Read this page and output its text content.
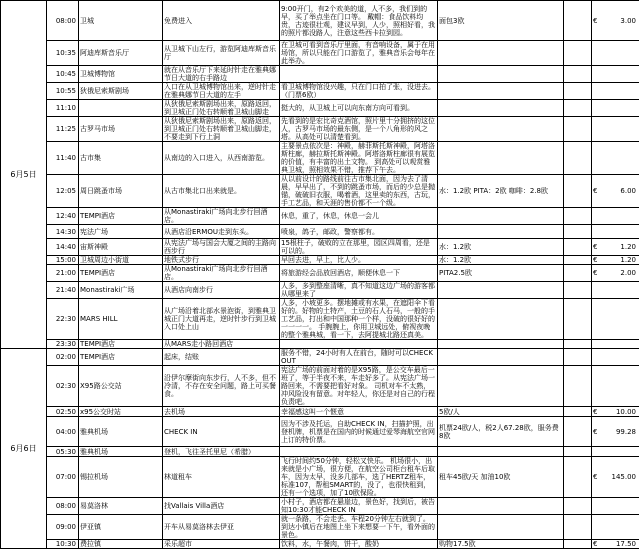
6月5日	08:00	卫城	免费进入	9:00开门，有2个欢美的道，人不多，我们到的早，买了举点坐在门口等。 戴帽：食品饮料均贵，古迹很壮观，建议早到，人少，照相好看，我的照片都没路人，注意这些西卡拉到园。	面包3欧		€ 3.00

	10:35	阿迪库斯音乐厅	从卫城下山左行，游览阿迪库斯音乐厅	在卫城可看到音乐厅里面，有音响设备，属于在用场馆，所以只能在门口游览了，雅典音乐会每年在此举办。			
	10:45	卫城博物馆	就在从音乐厅下来延时针走在雅典娜节日大道的右手路边				
	10:55	狄俄尼索斯剧场	入口在从卫城博物馆出来，逆时针走在雅典娜节日大道的左手	看卫城博物馆没兴趣，只在门口拍了张，没进去。（门票6欧）			
	11:10		从狄俄尼索斯剧场出来，原路返回，到卫城正门处右转顺着卫城山脚走	挺大的，从卫城上可以向东南方向可看到。			
	11:25	古罗马市场	从狄俄尼索斯剧场出来，原路返回，到卫城正门处右转顺着卫城山脚走，不要走到下行上洞	先看到的是宏比奇克酒馆，照片里十分拥挤的这位人，古罗马市场的最东侧，是一个八角形的风之塔。从高处可以清楚看到。			
	11:40	古市集	从南边的入口进入，从西南游览。	主要景点依次是：神殿，赫菲斯托斯神殿，阿塔洛斯柱廊，赫拉斯托斯神殿。阿塔洛斯柱廊很有展览的价值，有丰富的出土文物。 到高处可以观赏雅典卫城，照相效果不错，推荐下午去。			
	12:05	周日跳蚤市场	从古市集北口出来就是。	从以前设计的路线前往古市集北面，因为去了清晨，早早出了，不到的跳蚤市场，而后的少总是抛锚，破破旧衣服，喝着酒，这里卖的东西，古玩，手工艺品，和天涯的售价都不一个级。	水：1.2欧 PITA：2欧 咖啡：2.8欧		€ 6.00

	12:40	TEMPI酒店	从Monastiraki广场向北步行回酒店。	休息，重了，休息，休息一会儿			
	14:30	宪法广场	从酒店沿ERMOU走到东头。	喷泉，鸽子，邮政，警察都有。			
	14:40	宙斯神殿	从宪法广场与国会大厦之间的主路向西步行	15根柱子，破败的立在那里，园区四周看，还是可以的。	水：1.2欧		€ 1.20

	15:00	卫城周边小街道	地铁式步行	早回去进，早上，比人少。	水：1.2欧		€ 1.20

	21:00	TEMPI酒店	从Monastiraki广场向北步行回酒店。	将旅游经会品放回酒店，顺便休息一下	PITA2.5欧		€ 2.00

	21:40	Monastiraki广场	从酒店向南步行	人多，多到整座清晰，真不知道这边广场的游客都从哪里来了			
	22:30	MARS HILL	从广场沿着北部水景泡街，到雅典卫城正门大道再走，逆时针步行到卫城入口处上山	人多，小坡更多。摆地摊或有水果，在遮阳伞下看好的。好物的土特产，土豆的石人石马，一般的手工艺品，打出和中国那种一个样，没破的很好好的一一一一。 手腕腕上，你用卫城远处，俯视夜晚的整个雅典城，看一下，去阿提城北路还真美。			
	23:30	TEMPI酒店	从MARS走小路回酒店				
6月6日	02:00	TEMPI酒店	起床，结账	服务不错，24小时有人在前台，随时可以CHECK OUT			
	02:30	X95路公交站	沿伊尔摩街向东步行，人不多，但不冷清，不存在安全问题，路上可买餐食。	宪法广场的前面对着的是X95路，是公交车最后一班了，等于半夜不来，车走好多了。从宪法广场一路回来，不需要把看好对象。 司机对车不太熟，冲风险没有留意。对年轻人，你还是对自己的行程负责吧。			
	02:50	x95公交时站	去机场	幸福感这叫一个惬意	5欧/人		€ 10.00

	04:00	雅典机场	CHECK IN	因为不涉及托运，自助CHECK IN，扫描护照，出登机牌，机票是在国内的时候通过爱琴海航空官网上订的特价票。	机票24欧/人，税2人67.28欧，服务费8欧		€ 99.28

	05:30	雅典机场	登机，飞往圣托里尼（希腊）				
	07:00	锡拉机场	林道租车	飞行时间约50分钟，轻松又快乐。 机场很小，出来就是小广场，很方便，在航空公司柜台租车后取车，因为太早，没多几部车，选了HERTZ租车，标准107，帮租SMART的，没了，也很快租到，还有一个选项，加了10欧保险。	租车45欧/天 加油10欧		€ 145.00

	08:00	易莫洛林	找Vallais Villa酒店	小村子，酒店都在悬崖边，景色好，找到后，被告知10:30才能CHECK IN			
	09:00	伊亚镇	开车从易莫洛林去伊亚	就一条路，不会走丢。车程20分钟左右就到了。 到达小镇后在地图上坐下来想要一下午，看外面的景色。			
	10:30	费拉镇	采乐超市	饮料，水，午餐肉，饼干，酸奶	购物17.5欧		€ 17.50
